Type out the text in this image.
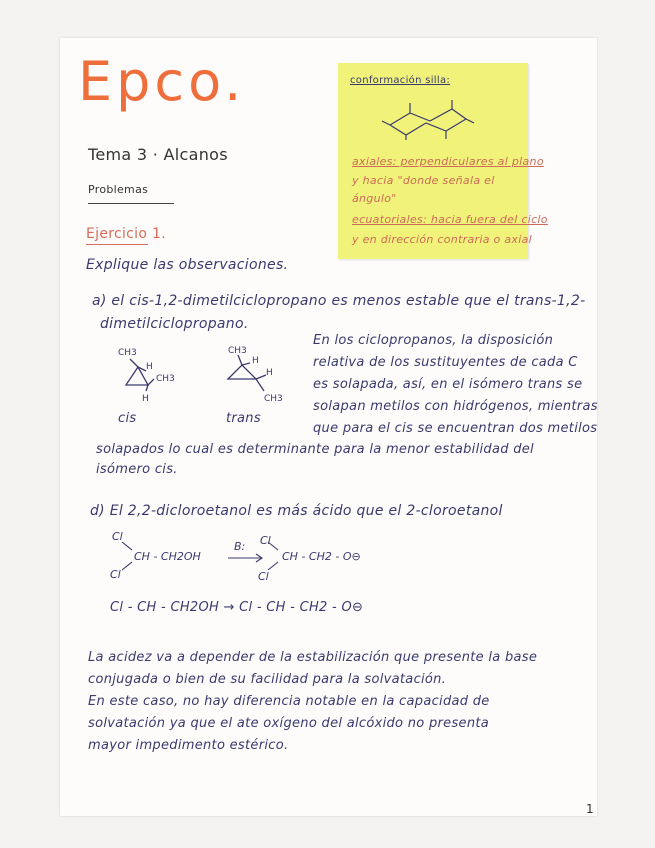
Epco.
Tema 3 · Alcanos
Problemas
Ejercicio 1.
Explique las observaciones.
conformación silla:
axiales: perpendiculares al plano
y hacia "donde señala el
ángulo"
ecuatoriales: hacia fuera del ciclo
y en dirección contraria o axial
a) el cis-1,2-dimetilciclopropano es menos estable que el trans-1,2-
dimetilciclopropano.
CH3
H
CH3
H
CH3
H
H
CH3
cis	trans
En los ciclopropanos, la disposición
relativa de los sustituyentes de cada C
es solapada, así, en el isómero trans se
solapan metilos con hidrógenos, mientras
que para el cis se encuentran dos metilos
solapados lo cual es determinante para la menor estabilidad del
isómero cis.
d) El 2,2-dicloroetanol es más ácido que el 2-cloroetanol
Cl
Cl
CH - CH2OH
B: Cl
Cl
CH - CH2 - O⊖
Cl - CH - CH2OH → Cl - CH - CH2 - O⊖
La acidez va a depender de la estabilización que presente la base
conjugada o bien de su facilidad para la solvatación.
En este caso, no hay diferencia notable en la capacidad de
solvatación ya que el ate oxígeno del alcóxido no presenta
mayor impedimento estérico.
1
